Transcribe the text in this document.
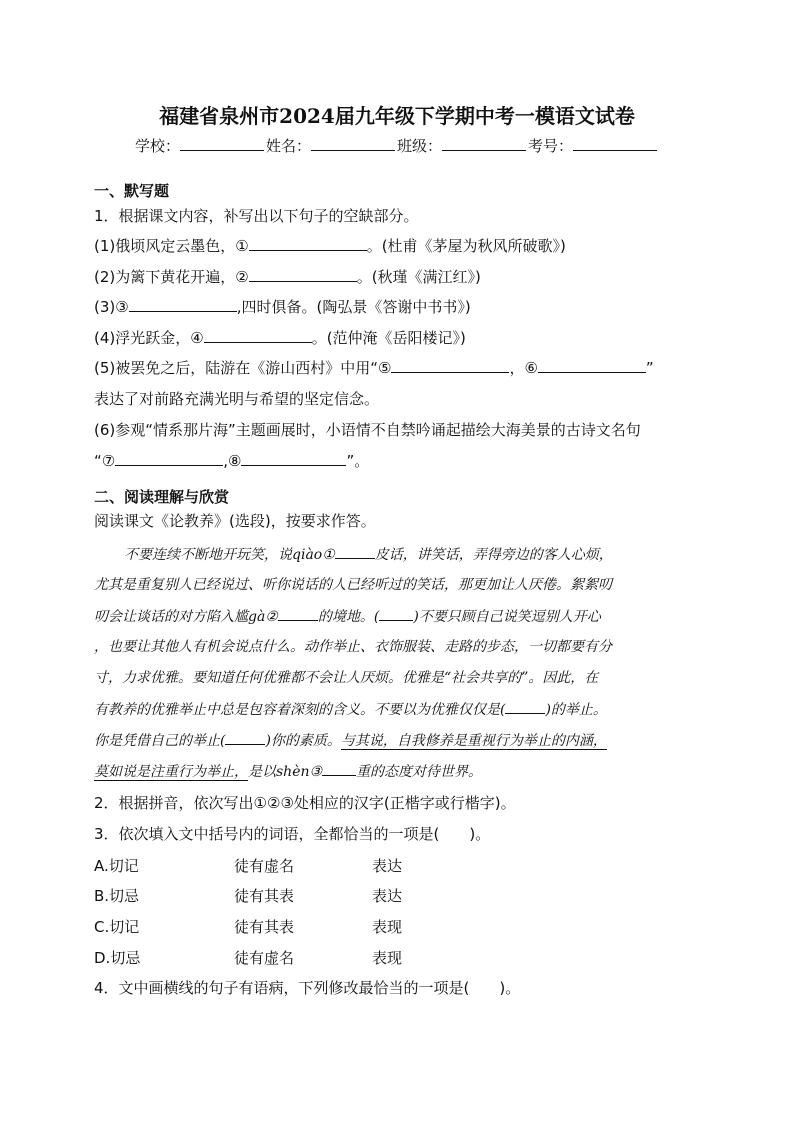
福建省泉州市2024届九年级下学期中考一模语文试卷
学校：	姓名：	班级：	考号：
一、默写题
1．根据课文内容，补写出以下句子的空缺部分。
(1)俄顷风定云墨色，①	。(杜甫《茅屋为秋风所破歌》)
(2)为篱下黄花开遍，②	。(秋瑾《满江红》)
(3)③	,四时俱备。(陶弘景《答谢中书书》)
(4)浮光跃金，④	。(范仲淹《岳阳楼记》)
(5)被罢免之后，陆游在《游山西村》中用“⑤	，⑥	”
表达了对前路充满光明与希望的坚定信念。
(6)参观“情系那片海”主题画展时，小语情不自禁吟诵起描绘大海美景的古诗文名句
“⑦	,⑧	”。
二、阅读理解与欣赏
阅读课文《论教养》(选段)，按要求作答。
不要连续不断地开玩笑，说qiào①	皮话，讲笑话，弄得旁边的客人心烦，
尤其是重复别人已经说过、听你说话的人已经听过的笑话，那更加让人厌倦。絮絮叨
叨会让谈话的对方陷入尴gà②	的境地。( )不要只顾自己说笑逗别人开心
，也要让其他人有机会说点什么。动作举止、衣饰服装、走路的步态，一切都要有分
寸，力求优雅。要知道任何优雅都不会让人厌烦。优雅是“社会共享的”。因此，在
有教养的优雅举止中总是包容着深刻的含义。不要以为优雅仅仅是(	)的举止。
你是凭借自己的举止(	)你的素质。与其说，自我修养是重视行为举止的内涵，
莫如说是注重行为举止，是以shèn③ 重的态度对待世界。
2．根据拼音，依次写出①②③处相应的汉字(正楷字或行楷字)。
3．依次填入文中括号内的词语，全都恰当的一项是(　　)。
A.切记	徒有虚名	表达
B.切忌	徒有其表	表达
C.切记	徒有其表	表现
D.切忌	徒有虚名	表现
4．文中画横线的句子有语病，下列修改最恰当的一项是(　　)。
